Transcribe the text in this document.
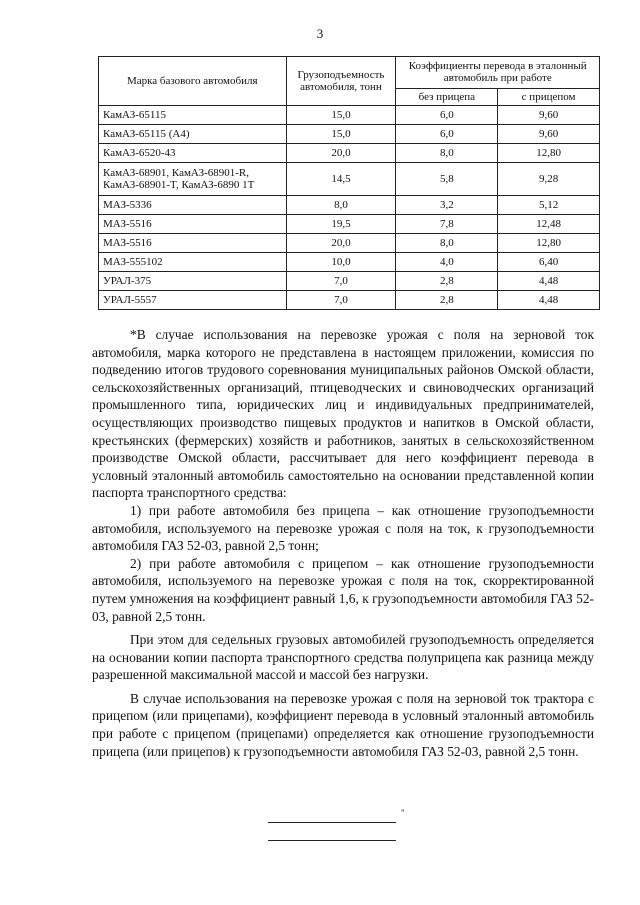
3
Марка базового автомобиля	Грузоподъемность автомобиля, тонн	Коэффициенты перевода в эталонный автомобиль при работе	
		без прицепа	с прицепом
КамАЗ-65115	15,0	6,0	9,60
КамАЗ-65115 (А4)	15,0	6,0	9,60
КамАЗ-6520-43	20,0	8,0	12,80
КамАЗ-68901, КамАЗ-68901-R, КамАЗ-68901-T, КамАЗ-6890 1T	14,5	5,8	9,28
МАЗ-5336	8,0	3,2	5,12
МАЗ-5516	19,5	7,8	12,48
МАЗ-5516	20,0	8,0	12,80
МАЗ-555102	10,0	4,0	6,40
УРАЛ-375	7,0	2,8	4,48
УРАЛ-5557	7,0	2,8	4,48

*В случае использования на перевозке урожая с поля на зерновой ток автомобиля, марка которого не представлена в настоящем приложении, комиссия по подведению итогов трудового соревнования муниципальных районов Омской области, сельскохозяйственных организаций, птицеводческих и свиноводческих организаций промышленного типа, юридических лиц и индивидуальных предпринимателей, осуществляющих производство пищевых продуктов и напитков в Омской области, крестьянских (фермерских) хозяйств и работников, занятых в сельскохозяйственном производстве Омской области, рассчитывает для него коэффициент перевода в условный эталонный автомобиль самостоятельно на основании представленной копии паспорта транспортного средства:

1) при работе автомобиля без прицепа – как отношение грузоподъемности автомобиля, используемого на перевозке урожая с поля на ток, к грузоподъемности автомобиля ГАЗ 52-03, равной 2,5 тонн;

2) при работе автомобиля с прицепом – как отношение грузоподъемности автомобиля, используемого на перевозке урожая с поля на ток, скорректированной путем умножения на коэффициент равный 1,6, к грузоподъемности автомобиля ГАЗ 52-03, равной 2,5 тонн.

При этом для седельных грузовых автомобилей грузоподъемность определяется на основании копии паспорта транспортного средства полуприцепа как разница между разрешенной максимальной массой и массой без нагрузки.

В случае использования на перевозке урожая с поля на зерновой ток трактора с прицепом (или прицепами), коэффициент перевода в условный эталонный автомобиль при работе с прицепом (прицепами) определяется как отношение грузоподъемности прицепа (или прицепов) к грузоподъемности автомобиля ГАЗ 52-03, равной 2,5 тонн.

"
